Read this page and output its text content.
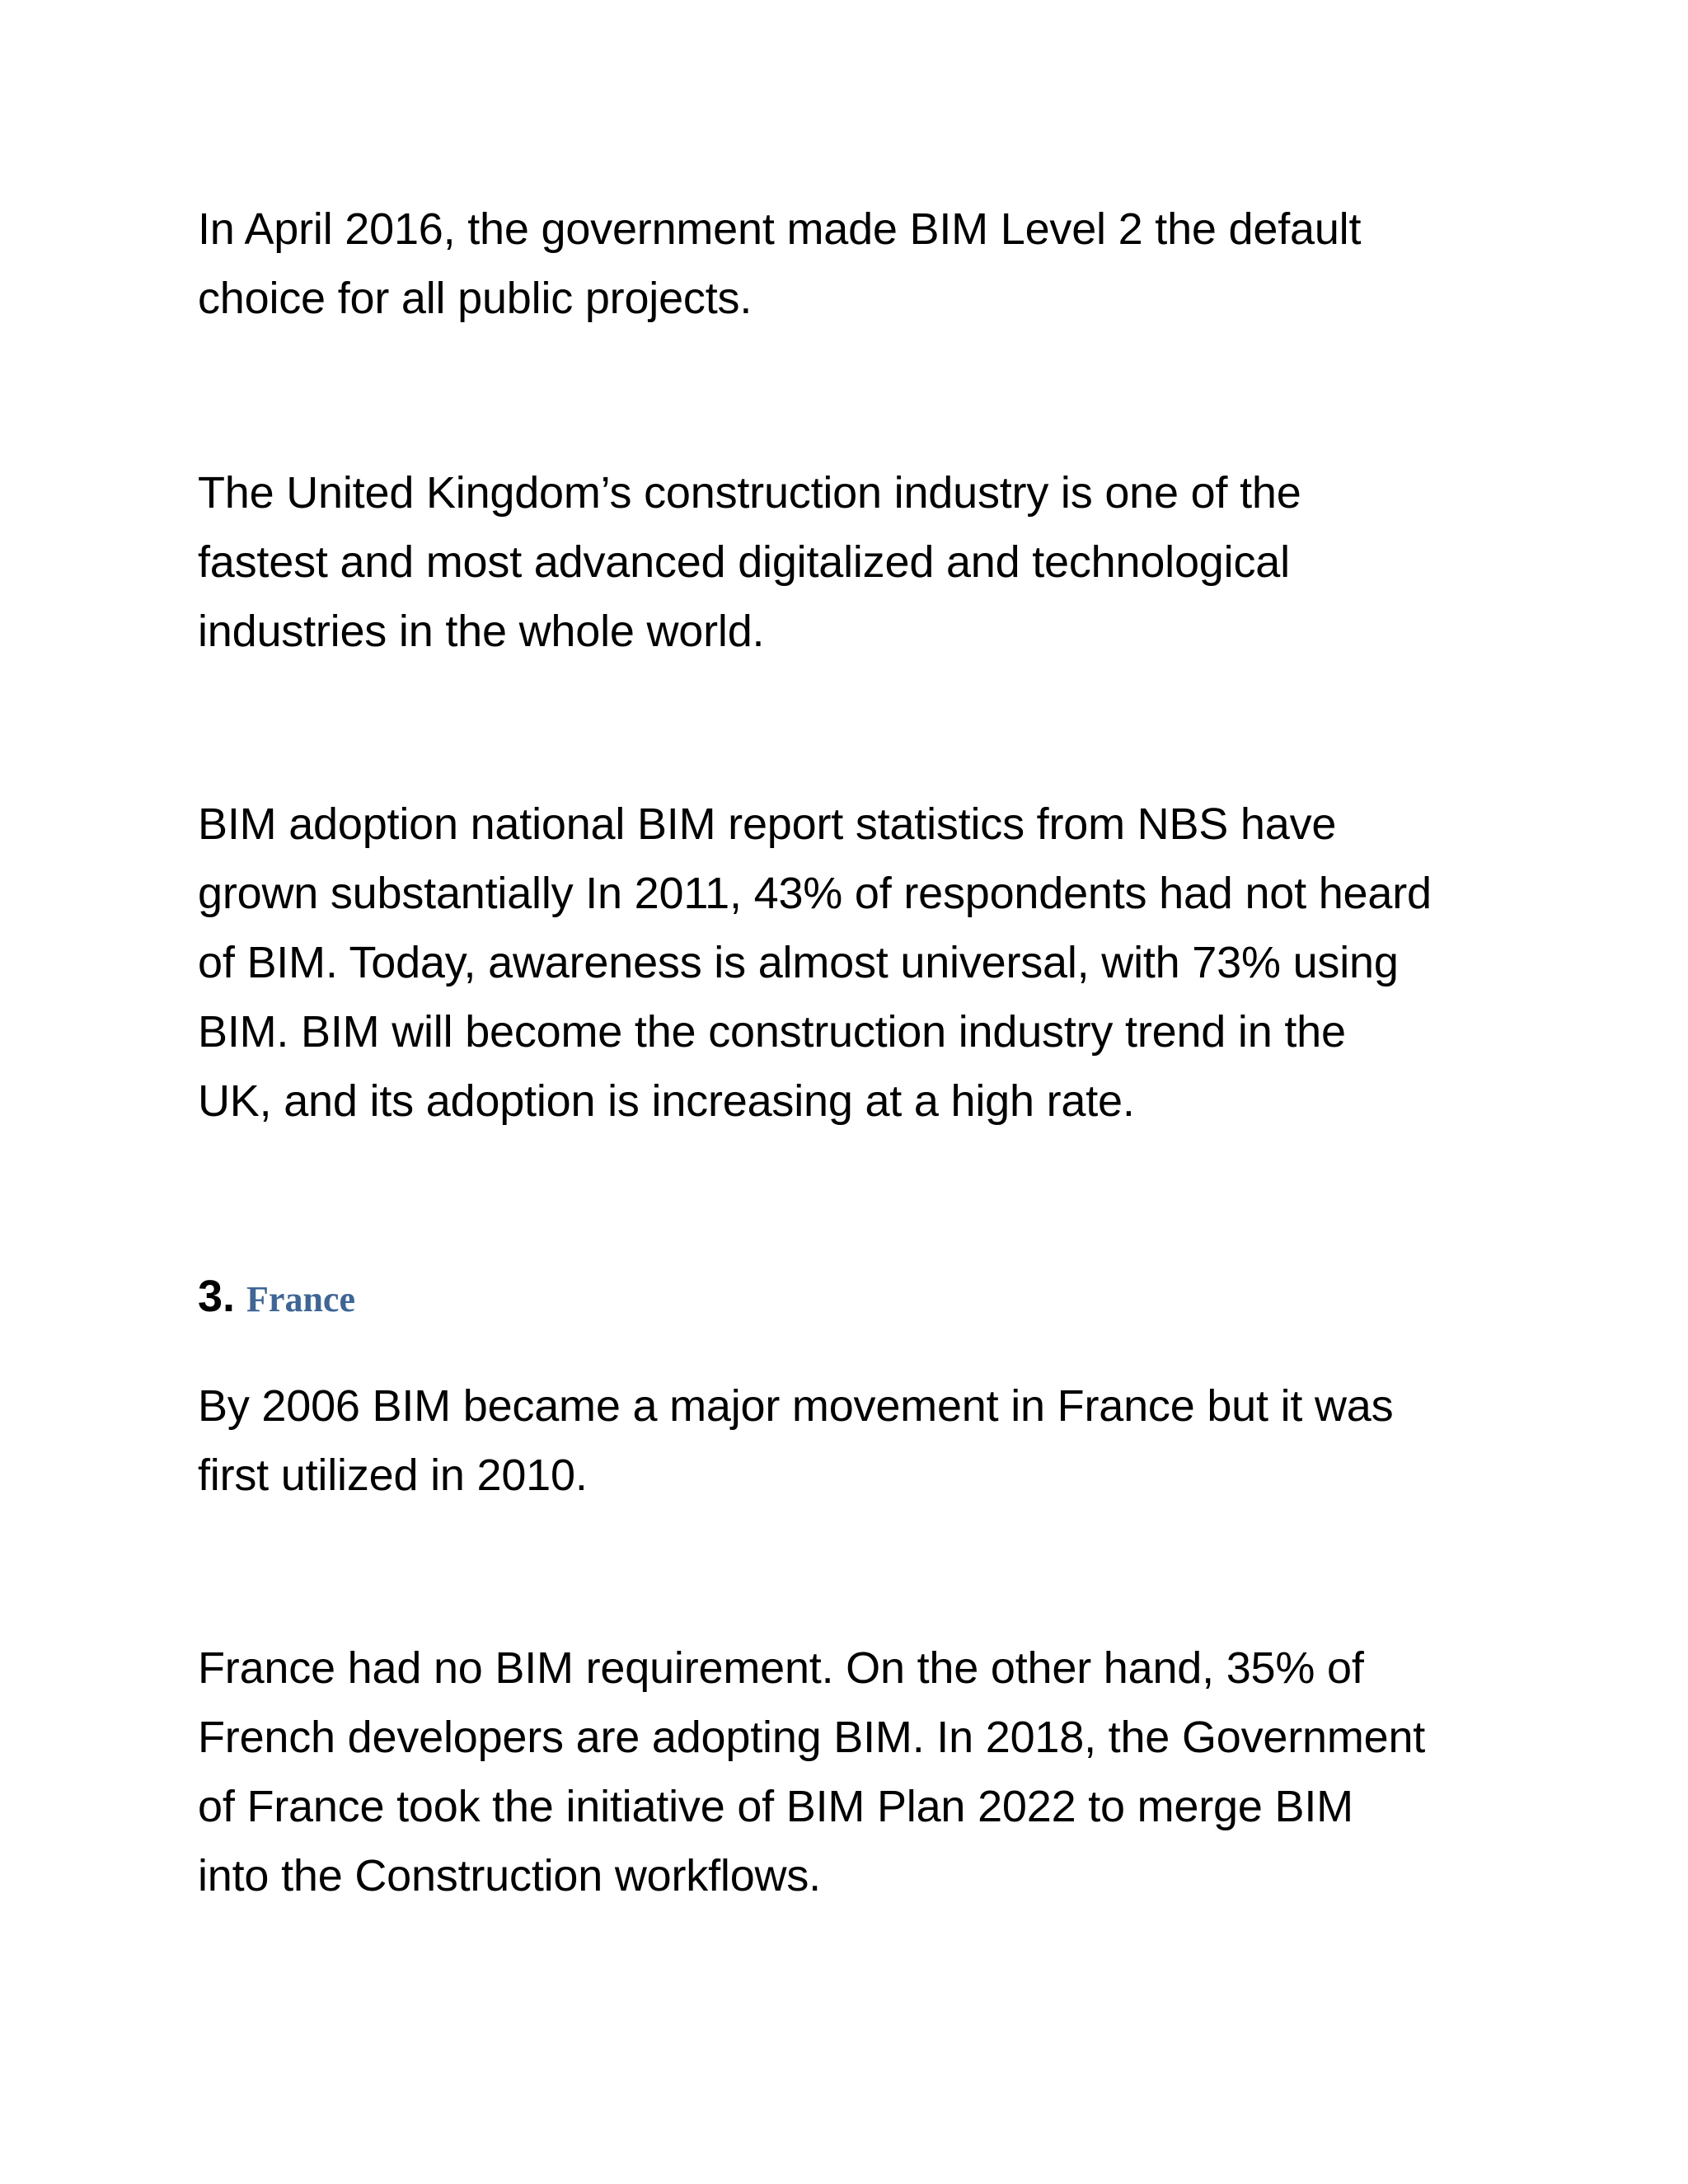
In April 2016, the government made BIM Level 2 the default
choice for all public projects.

The United Kingdom’s construction industry is one of the
fastest and most advanced digitalized and technological
industries in the whole world.

BIM adoption national BIM report statistics from NBS have
grown substantially In 2011, 43% of respondents had not heard
of BIM. Today, awareness is almost universal, with 73% using
BIM. BIM will become the construction industry trend in the
UK, and its adoption is increasing at a high rate.

3. France

By 2006 BIM became a major movement in France but it was
first utilized in 2010.

France had no BIM requirement. On the other hand, 35% of
French developers are adopting BIM. In 2018, the Government
of France took the initiative of BIM Plan 2022 to merge BIM
into the Construction workflows.
